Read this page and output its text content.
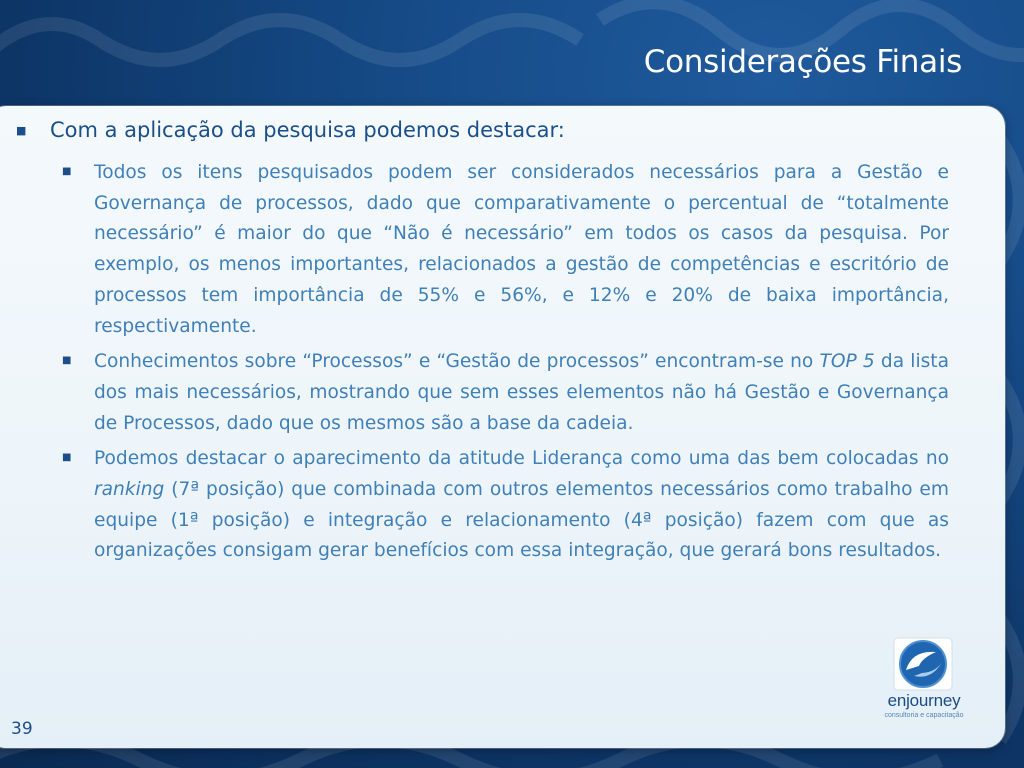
Considerações Finais
■	Com a aplicação da pesquisa podemos destacar:
■	Todos os itens pesquisados podem ser considerados necessários para a Gestão e Governança de processos, dado que comparativamente o percentual de “totalmente necessário” é maior do que “Não é necessário” em todos os casos da pesquisa. Por exemplo, os menos importantes, relacionados a gestão de competências e escritório de processos tem importância de 55% e 56%, e 12% e 20% de baixa importância, respectivamente.

■	Conhecimentos sobre “Processos” e “Gestão de processos” encontram-se no TOP 5 da lista dos mais necessários, mostrando que sem esses elementos não há Gestão e Governança de Processos, dado que os mesmos são a base da cadeia.

■	Podemos destacar o aparecimento da atitude Liderança como uma das bem colocadas no ranking (7ª posição) que combinada com outros elementos necessários como trabalho em equipe (1ª posição) e integração e relacionamento (4ª posição) fazem com que as organizações consigam gerar benefícios com essa integração, que gerará bons resultados.

enjourney
consultoria e capacitação
39
